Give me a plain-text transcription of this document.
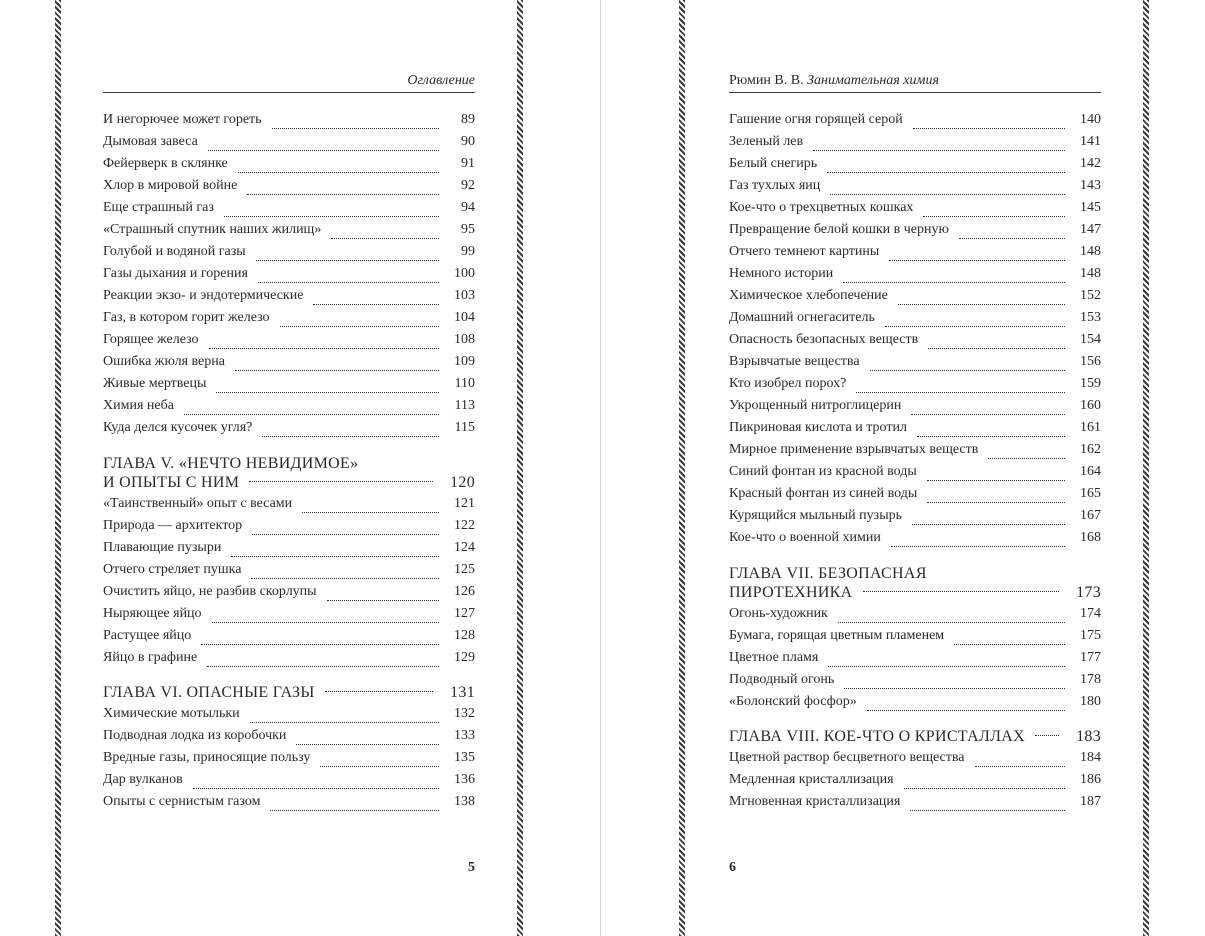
Оглавление
И негорючее может гореть	89
Дымовая завеса	90
Фейерверк в склянке	91
Хлор в мировой войне	92
Еще страшный газ	94
«Страшный спутник наших жилищ»	95
Голубой и водяной газы	99
Газы дыхания и горения	100
Реакции экзо- и эндотермические	103
Газ, в котором горит железо	104
Горящее железо	108
Ошибка жюля верна	109
Живые мертвецы	110
Химия неба	113
Куда делся кусочек угля?	115
ГЛАВА V. «НЕЧТО НЕВИДИМОЕ»
И ОПЫТЫ С НИМ	120
«Таинственный» опыт с весами	121
Природа — архитектор	122
Плавающие пузыри	124
Отчего стреляет пушка	125
Очистить яйцо, не разбив скорлупы	126
Ныряющее яйцо	127
Растущее яйцо	128
Яйцо в графине	129
ГЛАВА VI. ОПАСНЫЕ ГАЗЫ	131
Химические мотыльки	132
Подводная лодка из коробочки	133
Вредные газы, приносящие пользу	135
Дар вулканов	136
Опыты с сернистым газом	138
5
Рюмин В. В. Занимательная химия
Гашение огня горящей серой	140
Зеленый лев	141
Белый снегирь	142
Газ тухлых яиц	143
Кое-что о трехцветных кошках	145
Превращение белой кошки в черную	147
Отчего темнеют картины	148
Немного истории	148
Химическое хлебопечение	152
Домашний огнегаситель	153
Опасность безопасных веществ	154
Взрывчатые вещества	156
Кто изобрел порох?	159
Укрощенный нитроглицерин	160
Пикриновая кислота и тротил	161
Мирное применение взрывчатых веществ	162
Синий фонтан из красной воды	164
Красный фонтан из синей воды	165
Курящийся мыльный пузырь	167
Кое-что о военной химии	168
ГЛАВА VII. БЕЗОПАСНАЯ
ПИРОТЕХНИКА	173
Огонь-художник	174
Бумага, горящая цветным пламенем	175
Цветное пламя	177
Подводный огонь	178
«Болонский фосфор»	180
ГЛАВА VIII. КОЕ-ЧТО О КРИСТАЛЛАХ	183
Цветной раствор бесцветного вещества	184
Медленная кристаллизация	186
Мгновенная кристаллизация	187
6
